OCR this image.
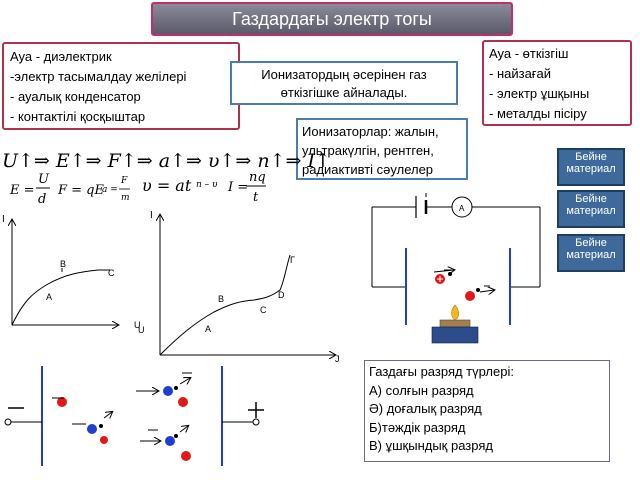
Газдардағы электр тогы
Ауа - диэлектрик
-электр тасымалдау желілері
- ауалық конденсатор
- контактілі қосқыштар
Ионизатордың әсерінен газ
өткізгішке айналады.
Ауа - өткізгіш
- найзағай
- электр ұшқыны
- металды пісіру
Ионизаторлар: жалын,
ультракүлгін, рентген,
радиактивті сәулелер
Бейне материал
Бейне материал
Бейне материал
U↑⇒ E↑⇒ F↑⇒ a↑⇒ υ↑⇒ n↑⇒ I↑
E =
U
d
F = qE
a =
F
m
υ = at n – υ I =
nq
t
I
B
A
C
U
I
Г
B	D
C
A
U
J
A
Газдағы разряд түрлері:
А) солғын разряд
Ә) доғалық разряд
Б)тәждік разряд
В) ұшқындық разряд
